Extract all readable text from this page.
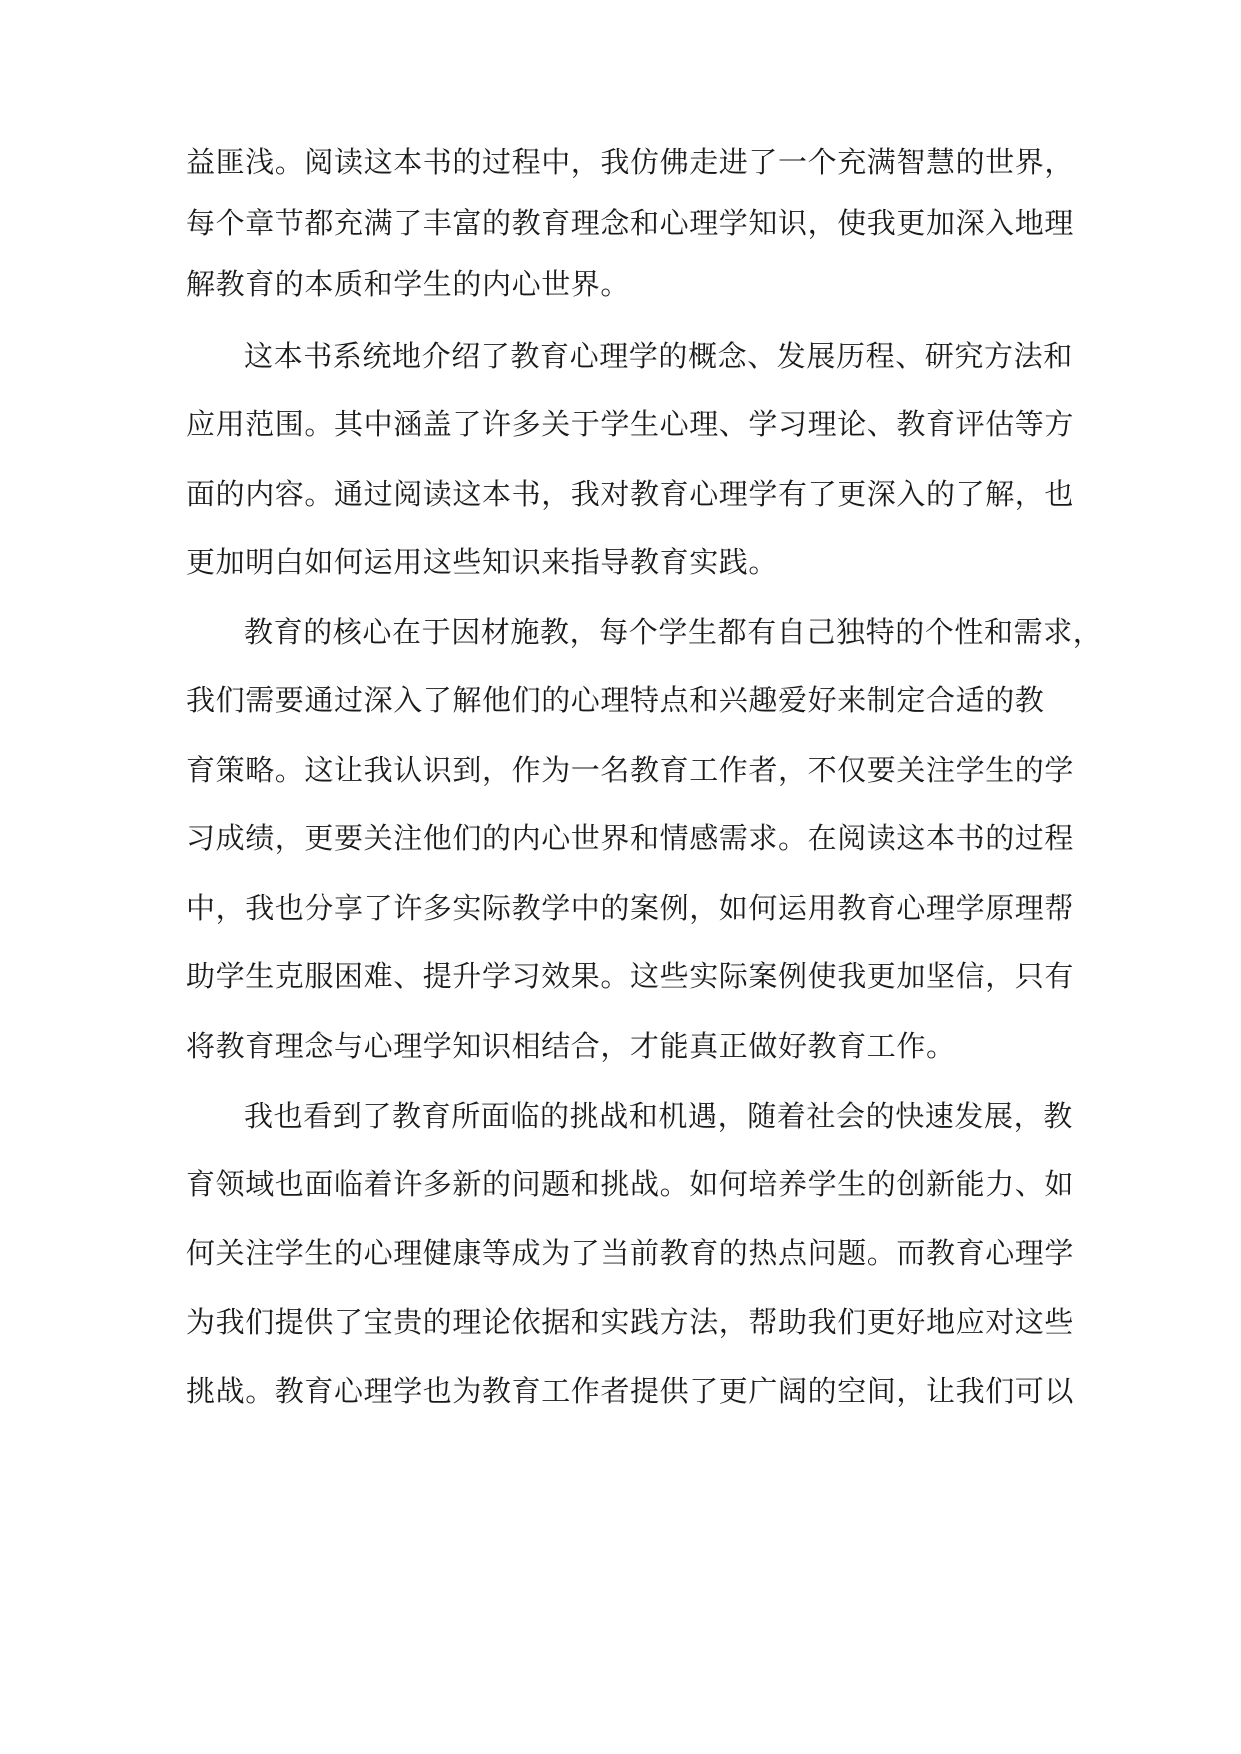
益匪浅。阅读这本书的过程中，我仿佛走进了一个充满智慧的世界，
每个章节都充满了丰富的教育理念和心理学知识，使我更加深入地理
解教育的本质和学生的内心世界。
这本书系统地介绍了教育心理学的概念、发展历程、研究方法和
应用范围。其中涵盖了许多关于学生心理、学习理论、教育评估等方
面的内容。通过阅读这本书，我对教育心理学有了更深入的了解，也
更加明白如何运用这些知识来指导教育实践。
教育的核心在于因材施教，每个学生都有自己独特的个性和需求，
我们需要通过深入了解他们的心理特点和兴趣爱好来制定合适的教
育策略。这让我认识到，作为一名教育工作者，不仅要关注学生的学
习成绩，更要关注他们的内心世界和情感需求。在阅读这本书的过程
中，我也分享了许多实际教学中的案例，如何运用教育心理学原理帮
助学生克服困难、提升学习效果。这些实际案例使我更加坚信，只有
将教育理念与心理学知识相结合，才能真正做好教育工作。
我也看到了教育所面临的挑战和机遇，随着社会的快速发展，教
育领域也面临着许多新的问题和挑战。如何培养学生的创新能力、如
何关注学生的心理健康等成为了当前教育的热点问题。而教育心理学
为我们提供了宝贵的理论依据和实践方法，帮助我们更好地应对这些
挑战。教育心理学也为教育工作者提供了更广阔的空间，让我们可以
